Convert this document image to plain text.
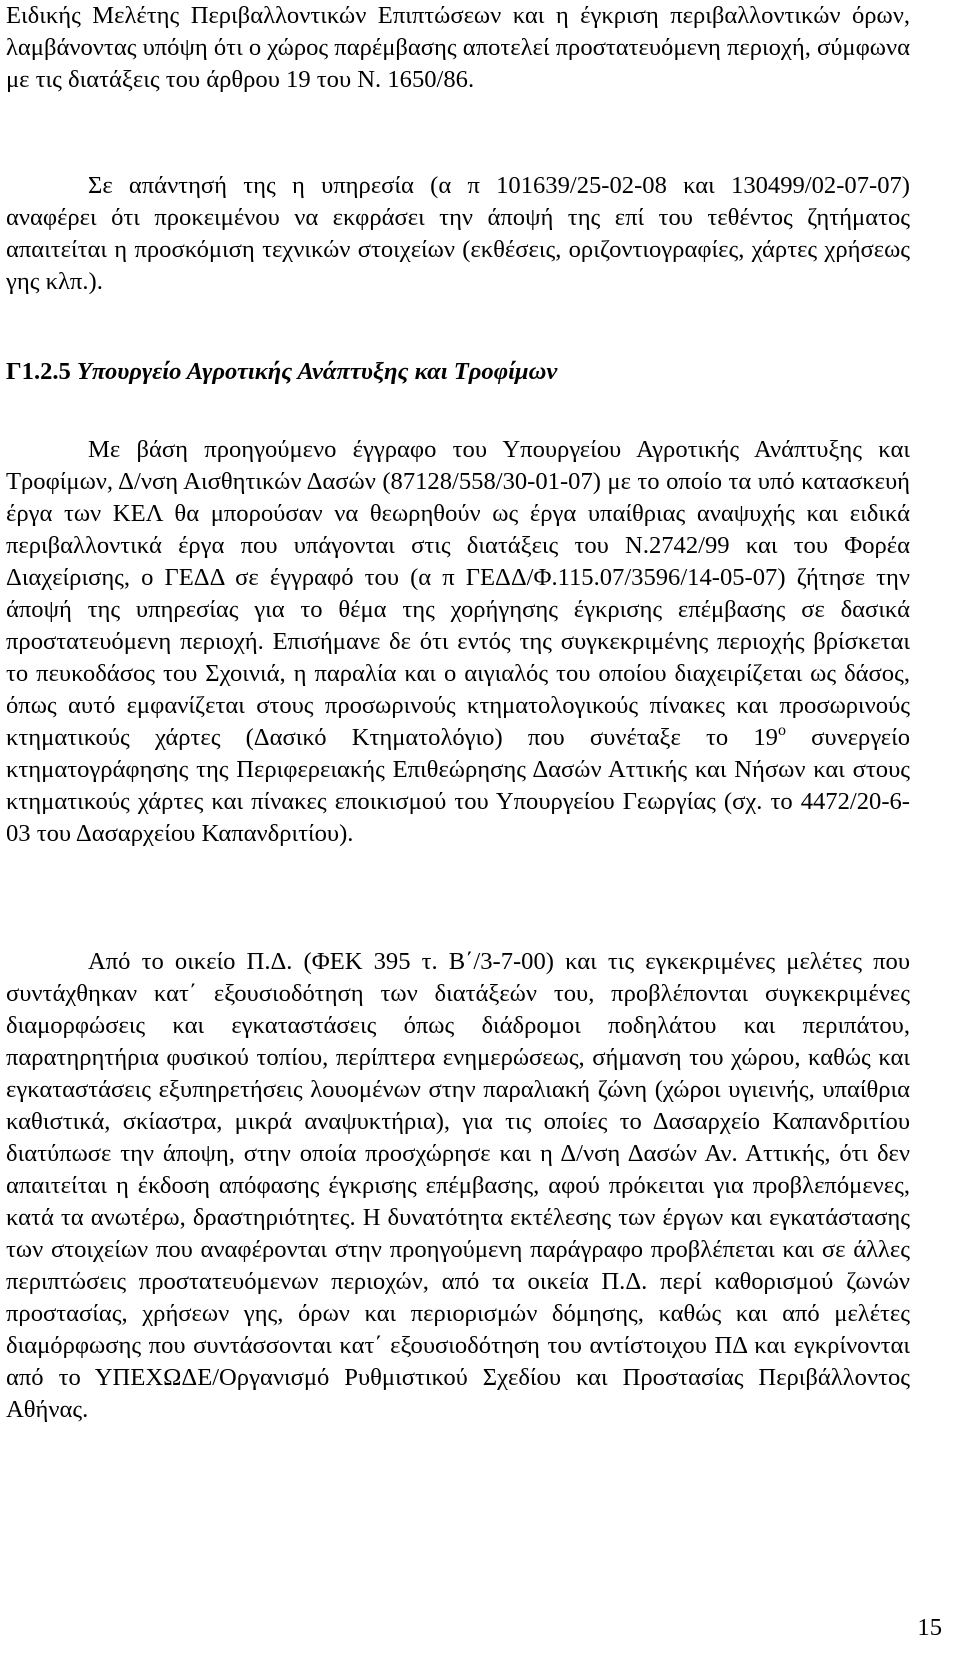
Ειδικής Μελέτης Περιβαλλοντικών Επιπτώσεων και η έγκριση περιβαλλοντικών όρων, λαμβάνοντας υπόψη ότι ο χώρος παρέμβασης αποτελεί προστατευόμενη περιοχή, σύμφωνα με τις διατάξεις του άρθρου 19 του Ν. 1650/86.

Σε απάντησή της η υπηρεσία (α π 101639/25-02-08 και 130499/02-07-07) αναφέρει ότι προκειμένου να εκφράσει την άποψή της επί του τεθέντος ζητήματος απαιτείται η προσκόμιση τεχνικών στοιχείων (εκθέσεις, οριζοντιογραφίες, χάρτες χρήσεως γης κλπ.).

Γ1.2.5 Υπουργείο Αγροτικής Ανάπτυξης και Τροφίμων

Με βάση προηγούμενο έγγραφο του Υπουργείου Αγροτικής Ανάπτυξης και Τροφίμων, Δ/νση Αισθητικών Δασών (87128/558/30-01-07) με το οποίο τα υπό κατασκευή έργα των ΚΕΛ θα μπορούσαν να θεωρηθούν ως έργα υπαίθριας αναψυχής και ειδικά περιβαλλοντικά έργα που υπάγονται στις διατάξεις του Ν.2742/99 και του Φορέα Διαχείρισης, ο ΓΕΔΔ σε έγγραφό του (α π ΓΕΔΔ/Φ.115.07/3596/14-05-07) ζήτησε την άποψή της υπηρεσίας για το θέμα της χορήγησης έγκρισης επέμβασης σε δασικά προστατευόμενη περιοχή. Επισήμανε δε ότι εντός της συγκεκριμένης περιοχής βρίσκεται το πευκοδάσος του Σχοινιά, η παραλία και ο αιγιαλός του οποίου διαχειρίζεται ως δάσος, όπως αυτό εμφανίζεται στους προσωρινούς κτηματολογικούς πίνακες και προσωρινούς κτηματικούς χάρτες (Δασικό Κτηματολόγιο) που συνέταξε το $19^o$ συνεργείο κτηματογράφησης της Περιφερειακής Επιθεώρησης Δασών Αττικής και Νήσων και στους κτηματικούς χάρτες και πίνακες εποικισμού του Υπουργείου Γεωργίας (σχ. το 4472/20-6-03 του Δασαρχείου Καπανδριτίου).

Από το οικείο Π.Δ. (ΦΕΚ 395 τ. Β΄/3-7-00) και τις εγκεκριμένες μελέτες που συντάχθηκαν κατ΄ εξουσιοδότηση των διατάξεών του, προβλέπονται συγκεκριμένες διαμορφώσεις και εγκαταστάσεις όπως διάδρομοι ποδηλάτου και περιπάτου, παρατηρητήρια φυσικού τοπίου, περίπτερα ενημερώσεως, σήμανση του χώρου, καθώς και εγκαταστάσεις εξυπηρετήσεις λουομένων στην παραλιακή ζώνη (χώροι υγιεινής, υπαίθρια καθιστικά, σκίαστρα, μικρά αναψυκτήρια), για τις οποίες το Δασαρχείο Καπανδριτίου διατύπωσε την άποψη, στην οποία προσχώρησε και η Δ/νση Δασών Αν. Αττικής, ότι δεν απαιτείται η έκδοση απόφασης έγκρισης επέμβασης, αφού πρόκειται για προβλεπόμενες, κατά τα ανωτέρω, δραστηριότητες. Η δυνατότητα εκτέλεσης των έργων και εγκατάστασης των στοιχείων που αναφέρονται στην προηγούμενη παράγραφο προβλέπεται και σε άλλες περιπτώσεις προστατευόμενων περιοχών, από τα οικεία Π.Δ. περί καθορισμού ζωνών προστασίας, χρήσεων γης, όρων και περιορισμών δόμησης, καθώς και από μελέτες διαμόρφωσης που συντάσσονται κατ΄ εξουσιοδότηση του αντίστοιχου ΠΔ και εγκρίνονται από το ΥΠΕΧΩΔΕ/Οργανισμό Ρυθμιστικού Σχεδίου και Προστασίας Περιβάλλοντος Αθήνας.

15
